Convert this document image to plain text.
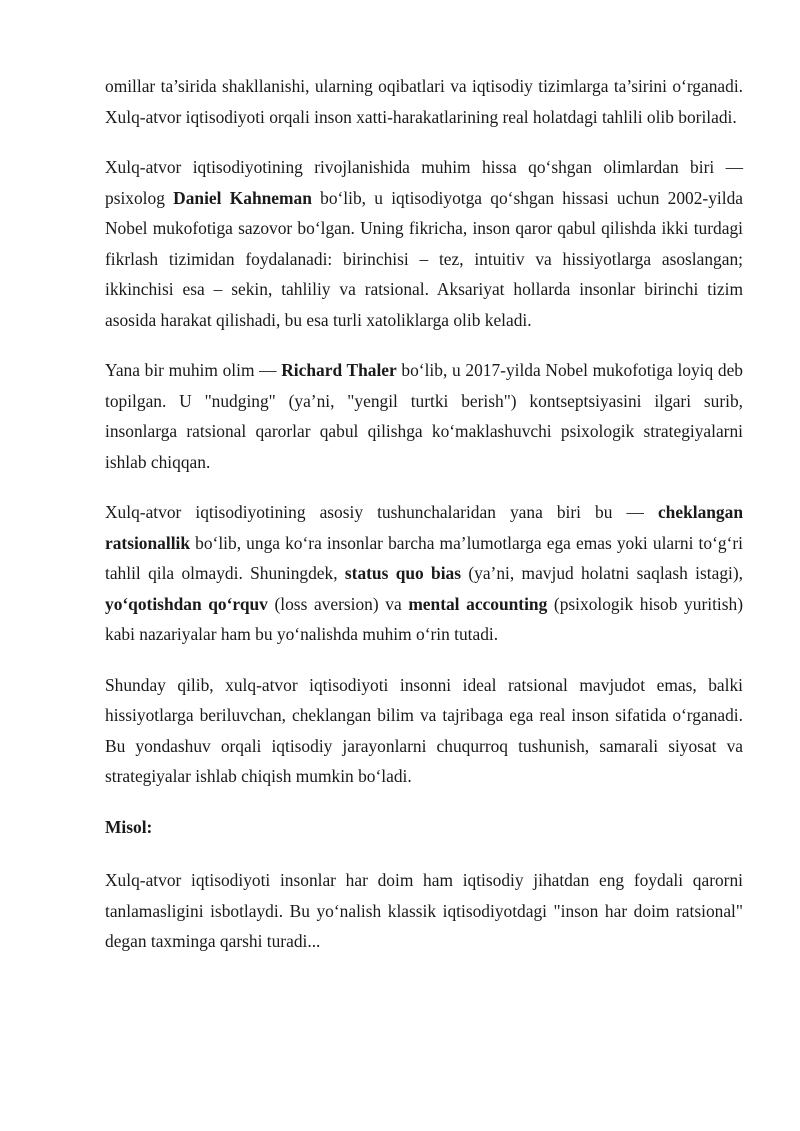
omillar ta’sirida shakllanishi, ularning oqibatlari va iqtisodiy tizimlarga ta’sirini o‘rganadi. Xulq-atvor iqtisodiyoti orqali inson xatti-harakatlarining real holatdagi tahlili olib boriladi.

Xulq-atvor iqtisodiyotining rivojlanishida muhim hissa qo‘shgan olimlardan biri — psixolog Daniel Kahneman bo‘lib, u iqtisodiyotga qo‘shgan hissasi uchun 2002-yilda Nobel mukofotiga sazovor bo‘lgan. Uning fikricha, inson qaror qabul qilishda ikki turdagi fikrlash tizimidan foydalanadi: birinchisi – tez, intuitiv va hissiyotlarga asoslangan; ikkinchisi esa – sekin, tahliliy va ratsional. Aksariyat hollarda insonlar birinchi tizim asosida harakat qilishadi, bu esa turli xatoliklarga olib keladi.

Yana bir muhim olim — Richard Thaler bo‘lib, u 2017-yilda Nobel mukofotiga loyiq deb topilgan. U "nudging" (ya’ni, "yengil turtki berish") kontseptsiyasini ilgari surib, insonlarga ratsional qarorlar qabul qilishga ko‘maklashuvchi psixologik strategiyalarni ishlab chiqqan.

Xulq-atvor iqtisodiyotining asosiy tushunchalaridan yana biri bu — cheklangan ratsionallik bo‘lib, unga ko‘ra insonlar barcha ma’lumotlarga ega emas yoki ularni to‘g‘ri tahlil qila olmaydi. Shuningdek, status quo bias (ya’ni, mavjud holatni saqlash istagi), yo‘qotishdan qo‘rquv (loss aversion) va mental accounting (psixologik hisob yuritish) kabi nazariyalar ham bu yo‘nalishda muhim o‘rin tutadi.

Shunday qilib, xulq-atvor iqtisodiyoti insonni ideal ratsional mavjudot emas, balki hissiyotlarga beriluvchan, cheklangan bilim va tajribaga ega real inson sifatida o‘rganadi. Bu yondashuv orqali iqtisodiy jarayonlarni chuqurroq tushunish, samarali siyosat va strategiyalar ishlab chiqish mumkin bo‘ladi.

Misol:

Xulq-atvor iqtisodiyoti insonlar har doim ham iqtisodiy jihatdan eng foydali qarorni tanlamasligini isbotlaydi. Bu yo‘nalish klassik iqtisodiyotdagi "inson har doim ratsional" degan taxminga qarshi turadi...
